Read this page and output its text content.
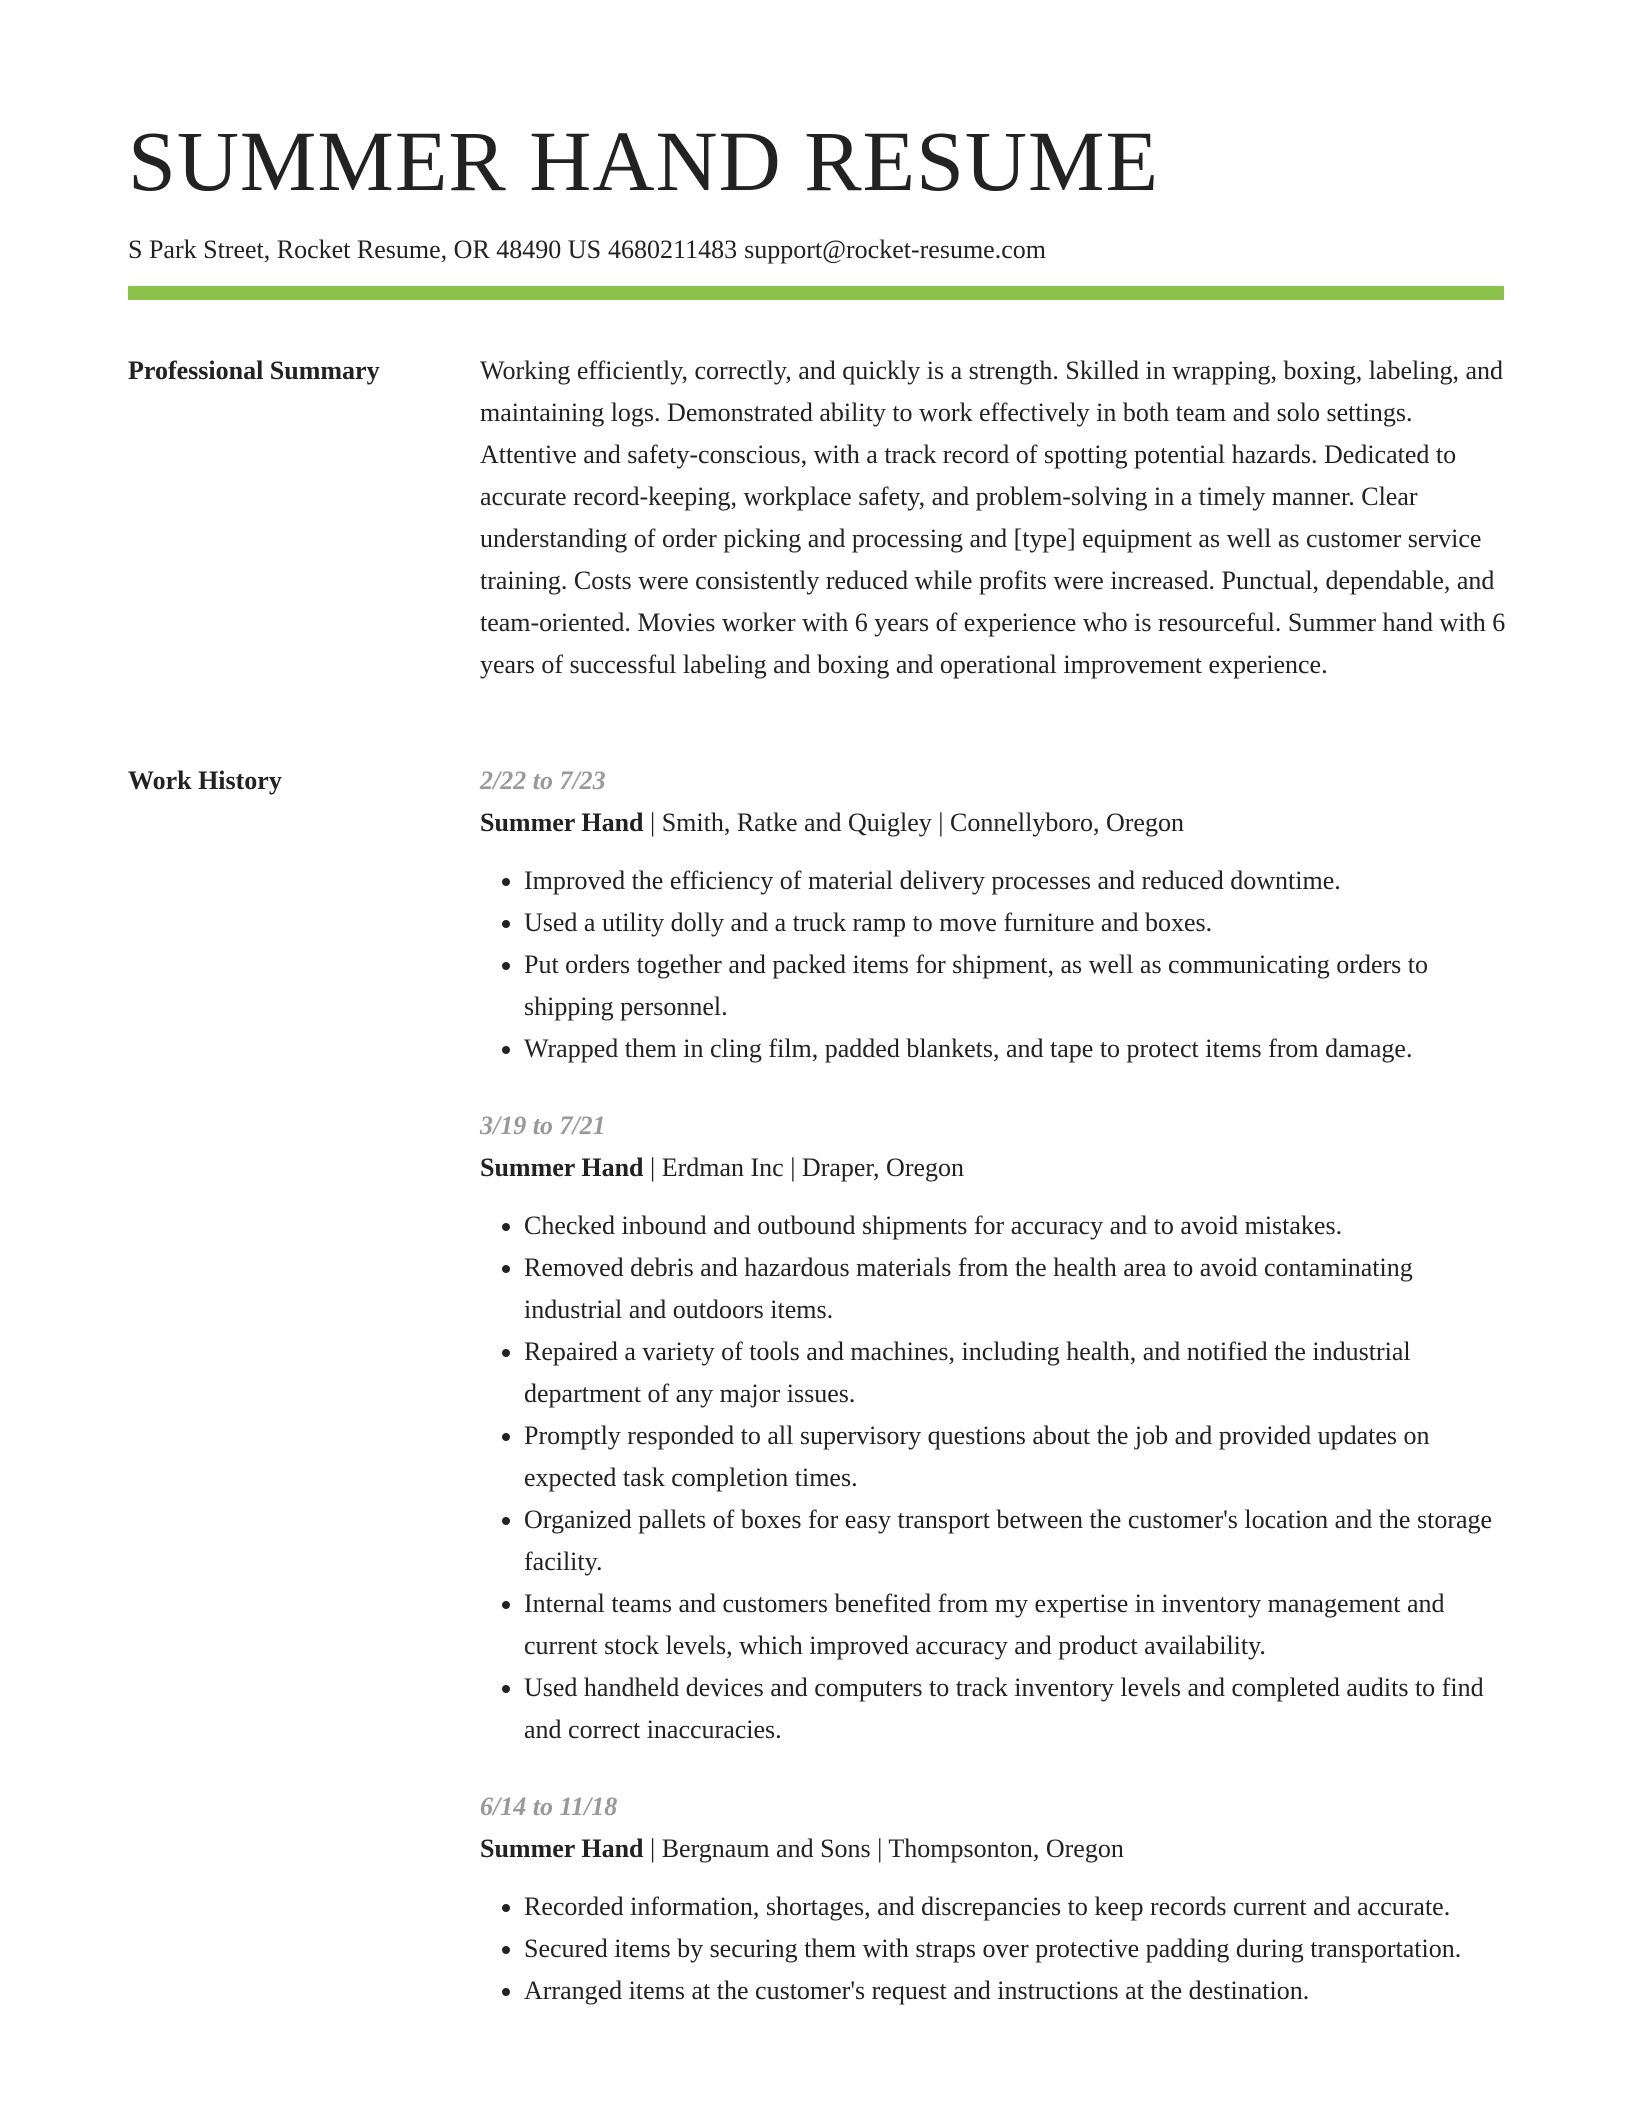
SUMMER HAND RESUME
S Park Street, Rocket Resume, OR 48490 US 4680211483 support@rocket-resume.com
Professional Summary	Working efficiently, correctly, and quickly is a strength. Skilled in wrapping, boxing, labeling, and maintaining logs. Demonstrated ability to work effectively in both team and solo settings. Attentive and safety-conscious, with a track record of spotting potential hazards. Dedicated to accurate record-keeping, workplace safety, and problem-solving in a timely manner. Clear understanding of order picking and processing and [type] equipment as well as customer service training. Costs were consistently reduced while profits were increased. Punctual, dependable, and team-oriented. Movies worker with 6 years of experience who is resourceful. Summer hand with 6 years of successful labeling and boxing and operational improvement experience.

Work History	2/22 to 7/23
Summer Hand | Smith, Ratke and Quigley | Connellyboro, Oregon
• Improved the efficiency of material delivery processes and reduced downtime.
• Used a utility dolly and a truck ramp to move furniture and boxes.
• Put orders together and packed items for shipment, as well as communicating orders to shipping personnel.
• Wrapped them in cling film, padded blankets, and tape to protect items from damage.
3/19 to 7/21
Summer Hand | Erdman Inc | Draper, Oregon
• Checked inbound and outbound shipments for accuracy and to avoid mistakes.
• Removed debris and hazardous materials from the health area to avoid contaminating industrial and outdoors items.
• Repaired a variety of tools and machines, including health, and notified the industrial department of any major issues.
• Promptly responded to all supervisory questions about the job and provided updates on expected task completion times.
• Organized pallets of boxes for easy transport between the customer's location and the storage facility.
• Internal teams and customers benefited from my expertise in inventory management and current stock levels, which improved accuracy and product availability.
• Used handheld devices and computers to track inventory levels and completed audits to find and correct inaccuracies.
6/14 to 11/18
Summer Hand | Bergnaum and Sons | Thompsonton, Oregon
• Recorded information, shortages, and discrepancies to keep records current and accurate.
• Secured items by securing them with straps over protective padding during transportation.
• Arranged items at the customer's request and instructions at the destination.
